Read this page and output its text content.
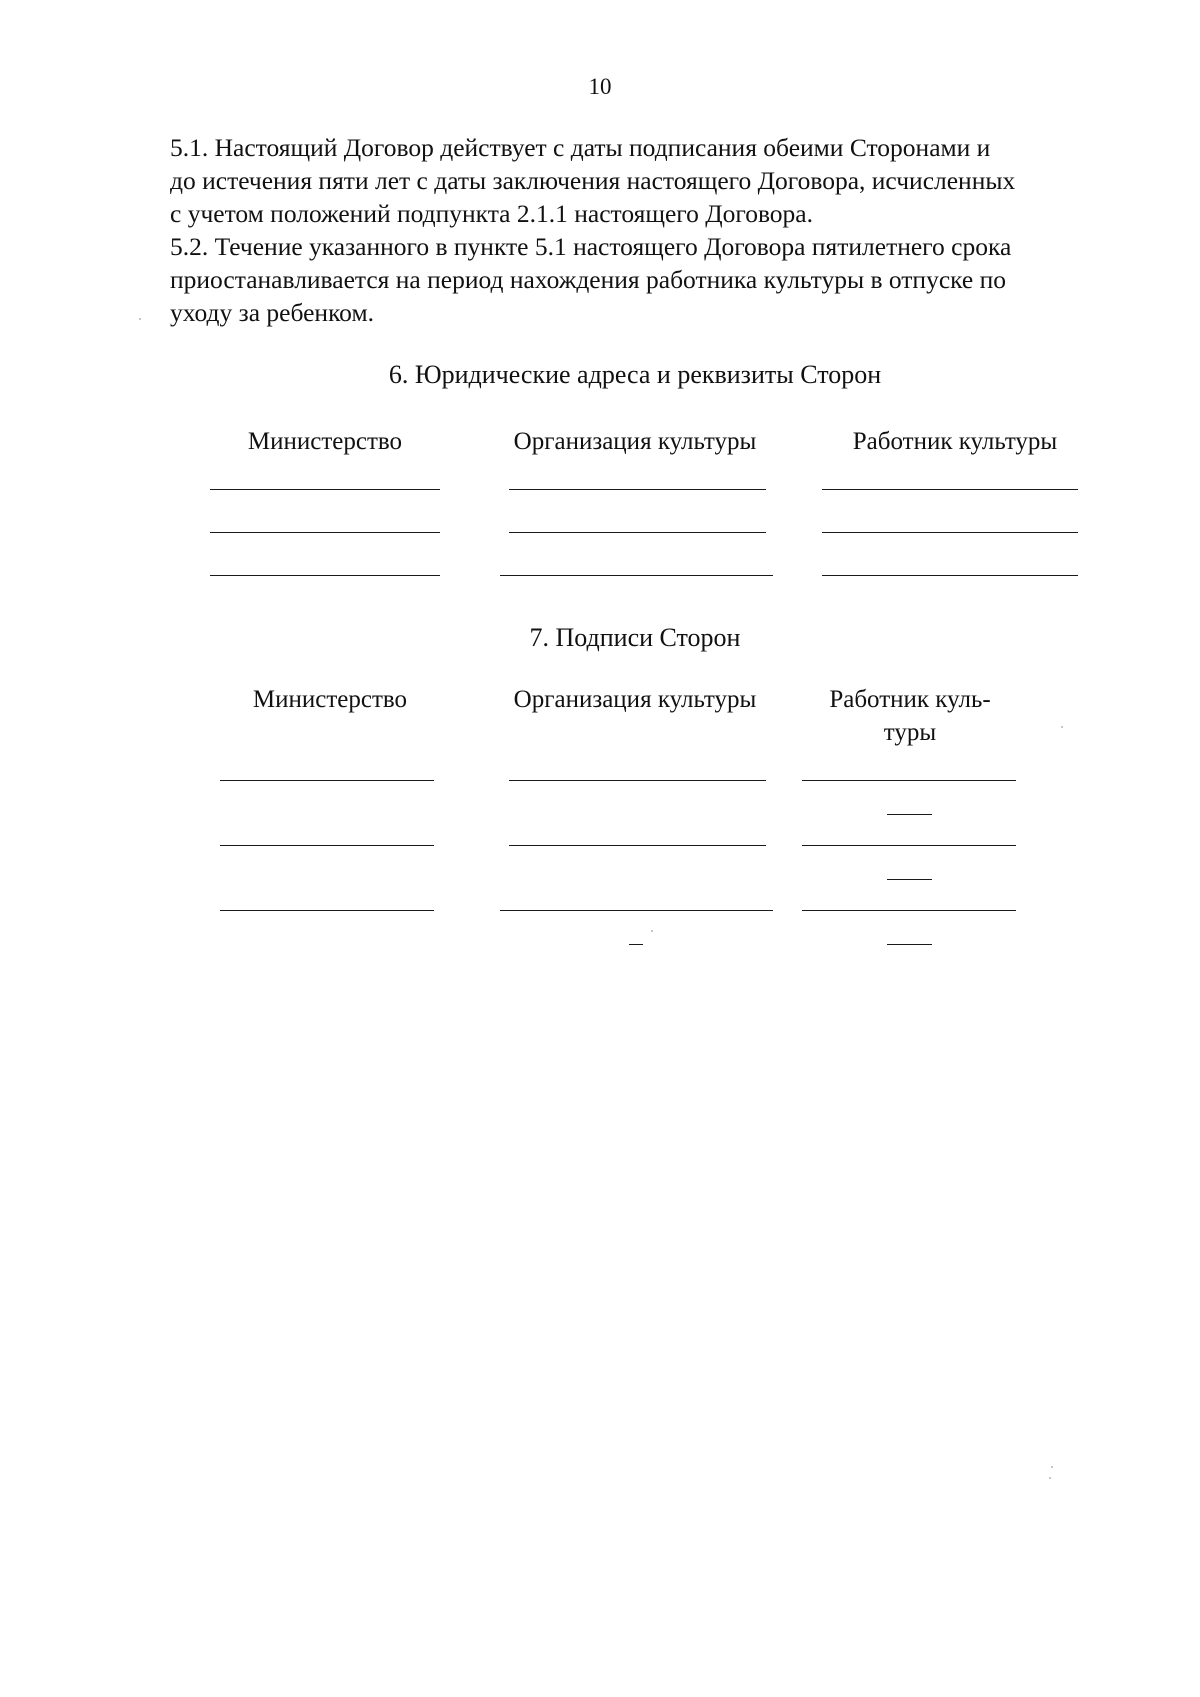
10
5.1. Настоящий Договор действует с даты подписания обеими Сторонами и
до истечения пяти лет с даты заключения настоящего Договора, исчисленных
с учетом положений подпункта 2.1.1 настоящего Договора.
5.2. Течение указанного в пункте 5.1 настоящего Договора пятилетнего срока
приостанавливается на период нахождения работника культуры в отпуске по
уходу за ребенком.
6. Юридические адреса и реквизиты Сторон
Министерство	Организация культуры	Работник культуры
7. Подписи Сторон
Министерство	Организация культуры	Работник куль-
туры
